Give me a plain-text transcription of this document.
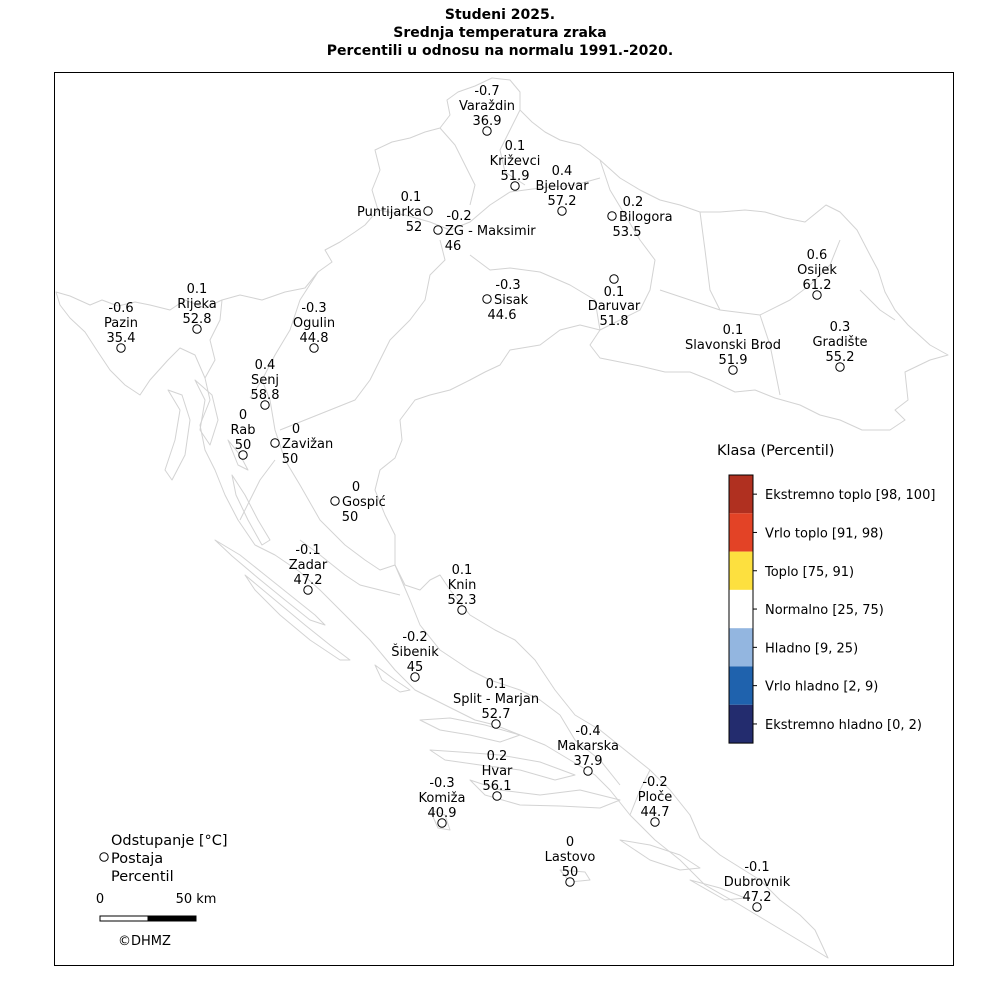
Studeni 2025.
Srednja temperatura zraka
Percentili u odnosu na normalu 1991.-2020.
-0.7
Varaždin
36.9
0.1
Križevci
51.9 0.4
Bjelovar
57.2	0.2
Bilogora
53.5
0.1
Puntijarka
52
-0.2
ZG - Maksimir
46
0.6
Osijek
61.2
-0.3
Sisak
44.6
0.1
Daruvar
51.8
-0.6
Pazin
35.4
0.1
Rijeka
52.8
-0.3
Ogulin
44.8
0.3
Gradište
55.2
0.1
Slavonski Brod
51.9
0.4
Senj
58.8
0
Rab
50
0
Zavižan
50
0
Gospić
50
-0.1
Zadar
47.2
0.1
Knin
52.3
-0.2
Šibenik
45
0.1
Split - Marjan
52.7
-0.4
Makarska
37.9
0.2
Hvar
56.1
-0.3
Komiža
40.9
-0.2
Ploče
44.7
0
Lastovo
50	-0.1
Dubrovnik
47.2
Klasa (Percentil)
Ekstremno toplo [98, 100]
Vrlo toplo [91, 98)
Toplo [75, 91)
Normalno [25, 75)
Hladno [9, 25)
Vrlo hladno [2, 9)
Ekstremno hladno [0, 2)
Odstupanje [°C]
Postaja
Percentil
0	50 km
©DHMZ
